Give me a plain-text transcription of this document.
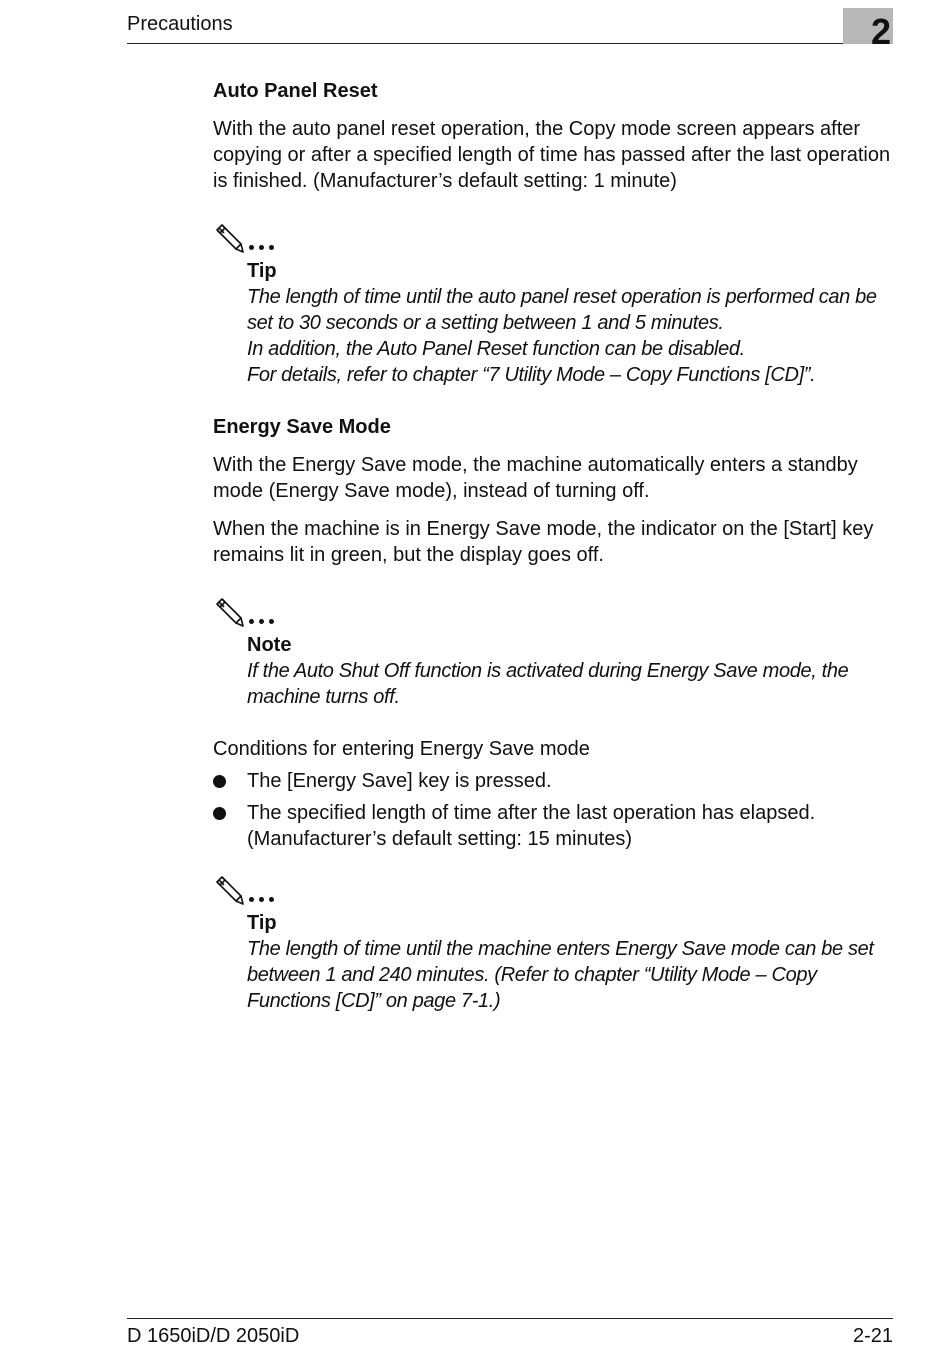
Precautions	2
Auto Panel Reset
With the auto panel reset operation, the Copy mode screen appears after copying or after a specified length of time has passed after the last operation is finished. (Manufacturer’s default setting: 1 minute)
Tip
The length of time until the auto panel reset operation is performed can be set to 30 seconds or a setting between 1 and 5 minutes.
In addition, the Auto Panel Reset function can be disabled.
For details, refer to chapter “7 Utility Mode – Copy Functions [CD]”.
Energy Save Mode
With the Energy Save mode, the machine automatically enters a standby mode (Energy Save mode), instead of turning off.
When the machine is in Energy Save mode, the indicator on the [Start] key remains lit in green, but the display goes off.
Note
If the Auto Shut Off function is activated during Energy Save mode, the machine turns off.
Conditions for entering Energy Save mode
The [Energy Save] key is pressed.
The specified length of time after the last operation has elapsed. (Manufacturer’s default setting: 15 minutes)
Tip
The length of time until the machine enters Energy Save mode can be set between 1 and 240 minutes. (Refer to chapter “Utility Mode – Copy Functions [CD]” on page 7-1.)
D 1650iD/D 2050iD	2-21
